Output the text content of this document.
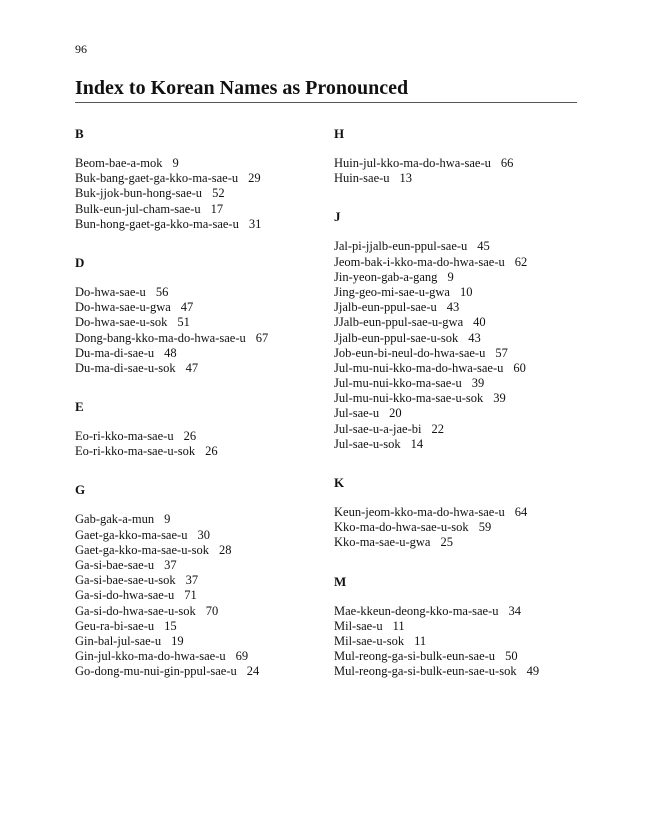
96
Index to Korean Names as Pronounced
B
Beom-bae-a-mok 9
Buk-bang-gaet-ga-kko-ma-sae-u 29
Buk-jjok-bun-hong-sae-u 52
Bulk-eun-jul-cham-sae-u 17
Bun-hong-gaet-ga-kko-ma-sae-u 31
D
Do-hwa-sae-u 56
Do-hwa-sae-u-gwa 47
Do-hwa-sae-u-sok 51
Dong-bang-kko-ma-do-hwa-sae-u 67
Du-ma-di-sae-u 48
Du-ma-di-sae-u-sok 47
E
Eo-ri-kko-ma-sae-u 26
Eo-ri-kko-ma-sae-u-sok 26
G
Gab-gak-a-mun 9
Gaet-ga-kko-ma-sae-u 30
Gaet-ga-kko-ma-sae-u-sok 28
Ga-si-bae-sae-u 37
Ga-si-bae-sae-u-sok 37
Ga-si-do-hwa-sae-u 71
Ga-si-do-hwa-sae-u-sok 70
Geu-ra-bi-sae-u 15
Gin-bal-jul-sae-u 19
Gin-jul-kko-ma-do-hwa-sae-u 69
Go-dong-mu-nui-gin-ppul-sae-u 24
H
Huin-jul-kko-ma-do-hwa-sae-u 66
Huin-sae-u 13
J
Jal-pi-jjalb-eun-ppul-sae-u 45
Jeom-bak-i-kko-ma-do-hwa-sae-u 62
Jin-yeon-gab-a-gang 9
Jing-geo-mi-sae-u-gwa 10
Jjalb-eun-ppul-sae-u 43
JJalb-eun-ppul-sae-u-gwa 40
Jjalb-eun-ppul-sae-u-sok 43
Job-eun-bi-neul-do-hwa-sae-u 57
Jul-mu-nui-kko-ma-do-hwa-sae-u 60
Jul-mu-nui-kko-ma-sae-u 39
Jul-mu-nui-kko-ma-sae-u-sok 39
Jul-sae-u 20
Jul-sae-u-a-jae-bi 22
Jul-sae-u-sok 14
K
Keun-jeom-kko-ma-do-hwa-sae-u 64
Kko-ma-do-hwa-sae-u-sok 59
Kko-ma-sae-u-gwa 25
M
Mae-kkeun-deong-kko-ma-sae-u 34
Mil-sae-u 11
Mil-sae-u-sok 11
Mul-reong-ga-si-bulk-eun-sae-u 50
Mul-reong-ga-si-bulk-eun-sae-u-sok 49
